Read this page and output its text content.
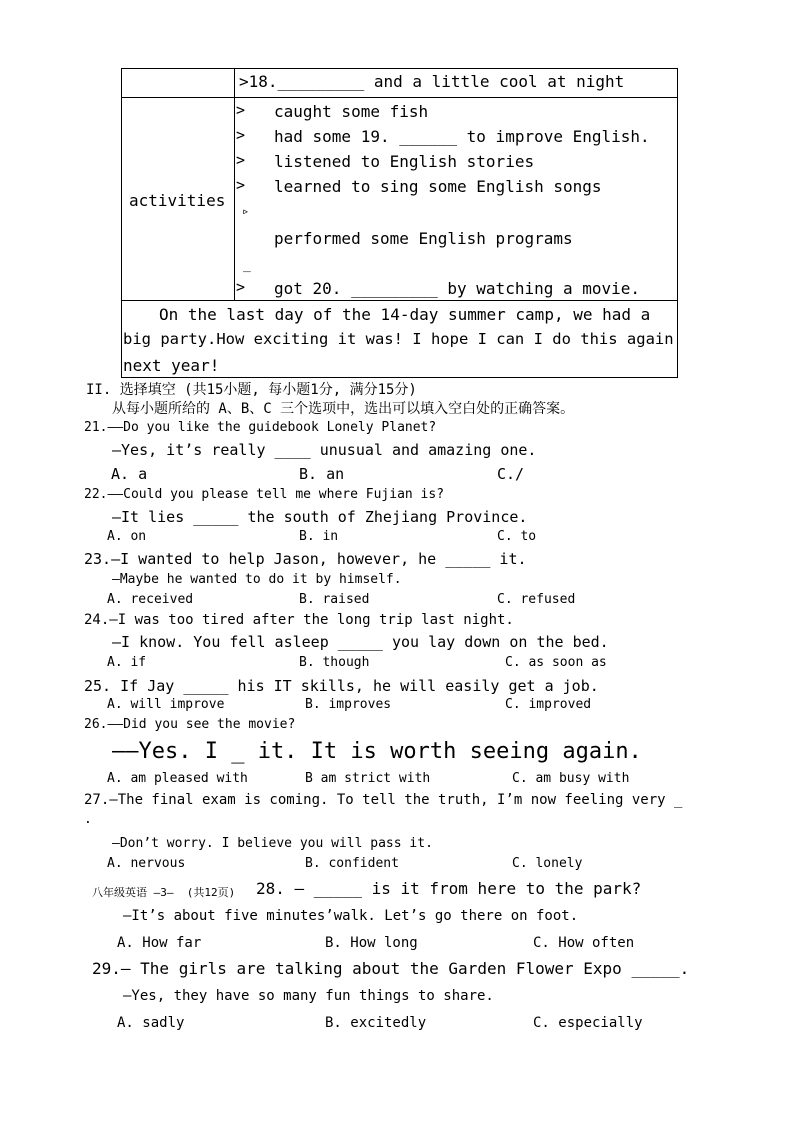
>18._________ and a little cool at night
activities
>
>
>
>
▹
_
>
caught some fish
had some 19. ______ to improve English.
listened to English stories
learned to sing some English songs
performed some English programs
got 20. _________ by watching a movie.
On the last day of the 14-day summer camp, we had a
big party.How exciting it was! I hope I can I do this again
next year!
II. 选择填空 (共15小题, 每小题1分, 满分15分)
从每小题所给的 A、B、C 三个选项中，选出可以填入空白处的正确答案。
21.——Do you like the guidebook Lonely Planet?
—Yes, it’s really ____ unusual and amazing one.
A. a	B. an	C./
22.——Could you please tell me where Fujian is?
—It lies _____ the south of Zhejiang Province.
A. on	B. in	C. to
23.—I wanted to help Jason, however, he _____ it.
—Maybe he wanted to do it by himself.
A. received	B. raised	C. refused
24.—I was too tired after the long trip last night.
—I know. You fell asleep _____ you lay down on the bed.
A. if	B. though	C. as soon as
25. If Jay _____ his IT skills, he will easily get a job.
A. will improve	B. improves	C. improved
26.——Did you see the movie?
——Yes. I _ it. It is worth seeing again.
A. am pleased with	B am strict with	C. am busy with
27.—The final exam is coming. To tell the truth, I’m now feeling very _
.
—Don’t worry. I believe you will pass it.
A. nervous	B. confident	C. lonely
八年级英语 —3—  (共12页) 28. — _____ is it from here to the park?
—It’s about five minutes’walk. Let’s go there on foot.
A. How far	B. How long	C. How often
29.— The girls are talking about the Garden Flower Expo _____.
—Yes, they have so many fun things to share.
A. sadly	B. excitedly	C. especially
